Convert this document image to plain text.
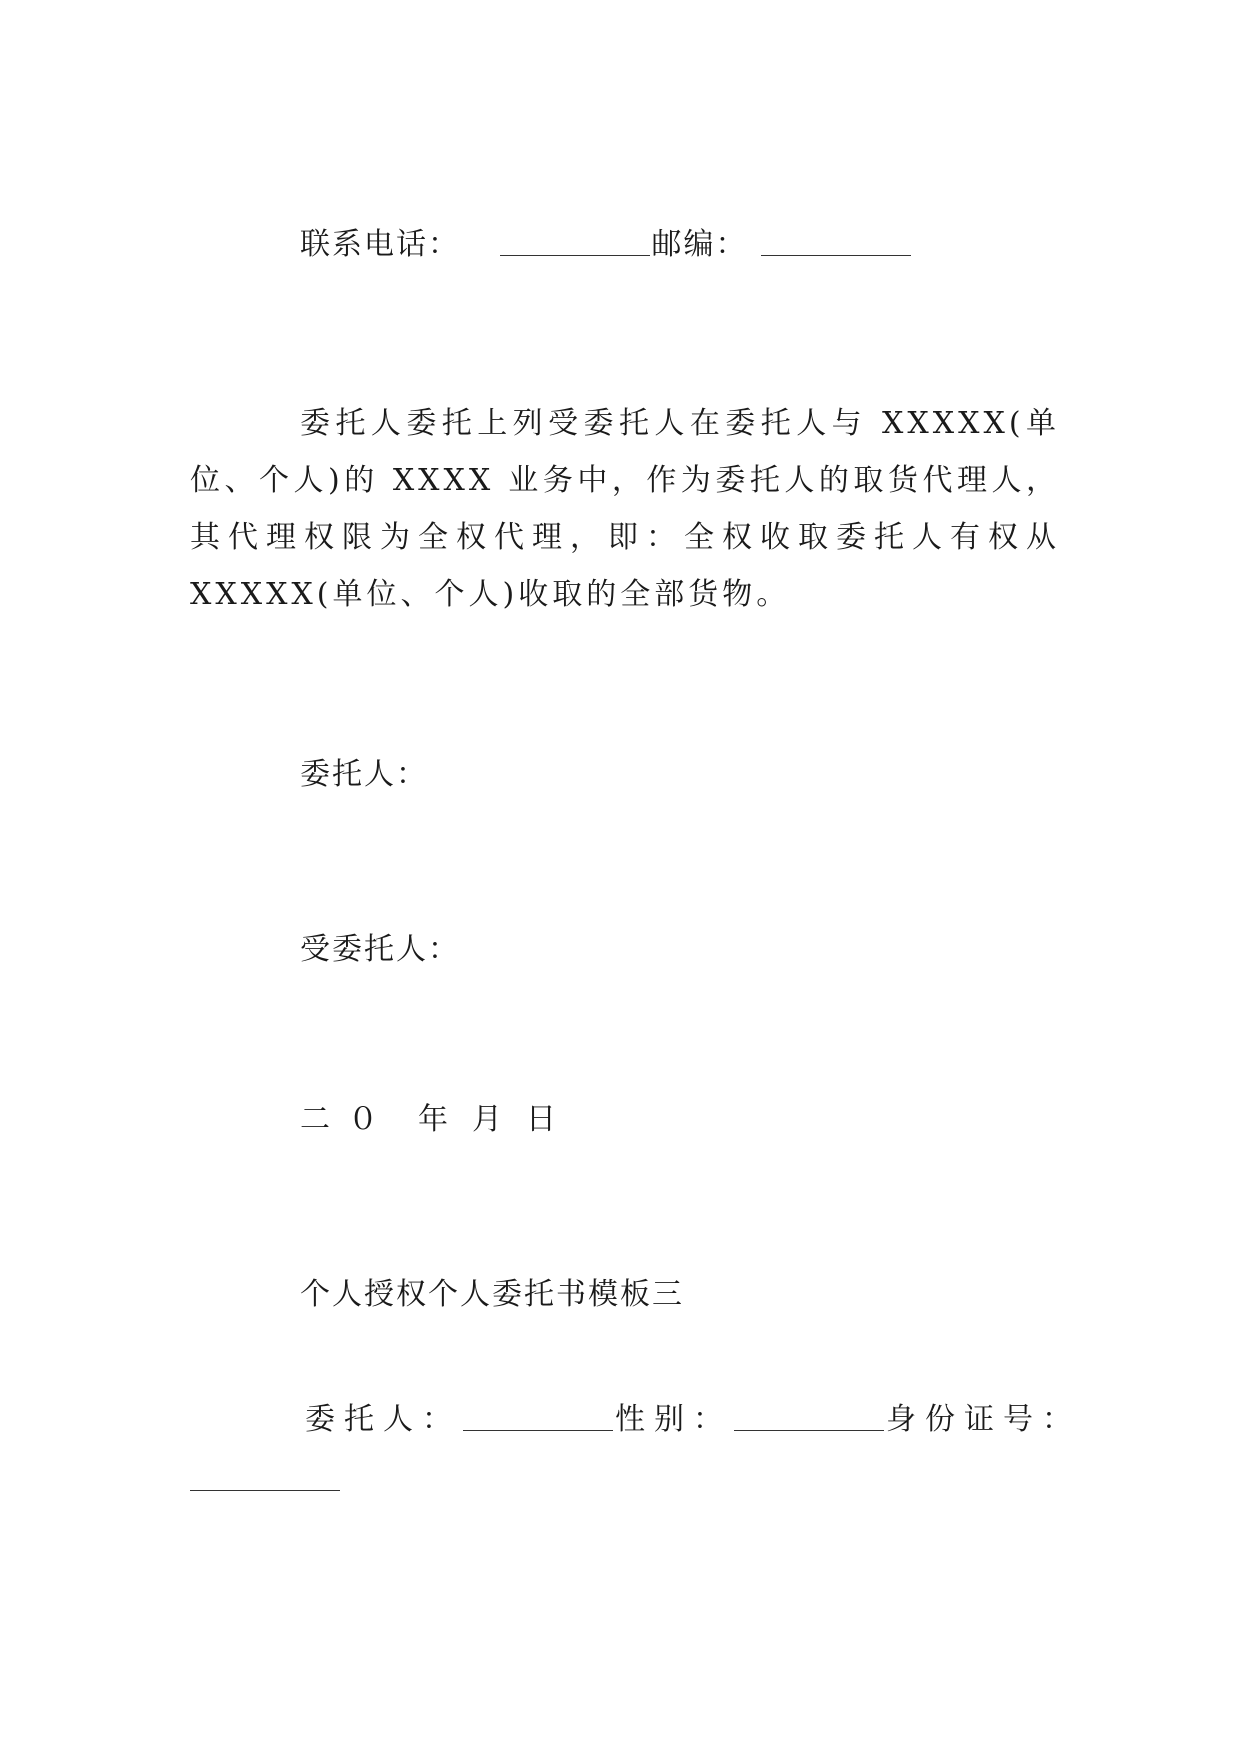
联系电话：	邮编：
委托人委托上列受委托人在委托人与 XXXXX(单位、个人)的 XXXX 业务中，作为委托人的取货代理人，其代理权限为全权代理，即：全权收取委托人有权从 XXXXX(单位、个人)收取的全部货物。
委托人：
受委托人：
二０ 年 月 日
个人授权个人委托书模板三
委托人：	性别：	身份证号：
